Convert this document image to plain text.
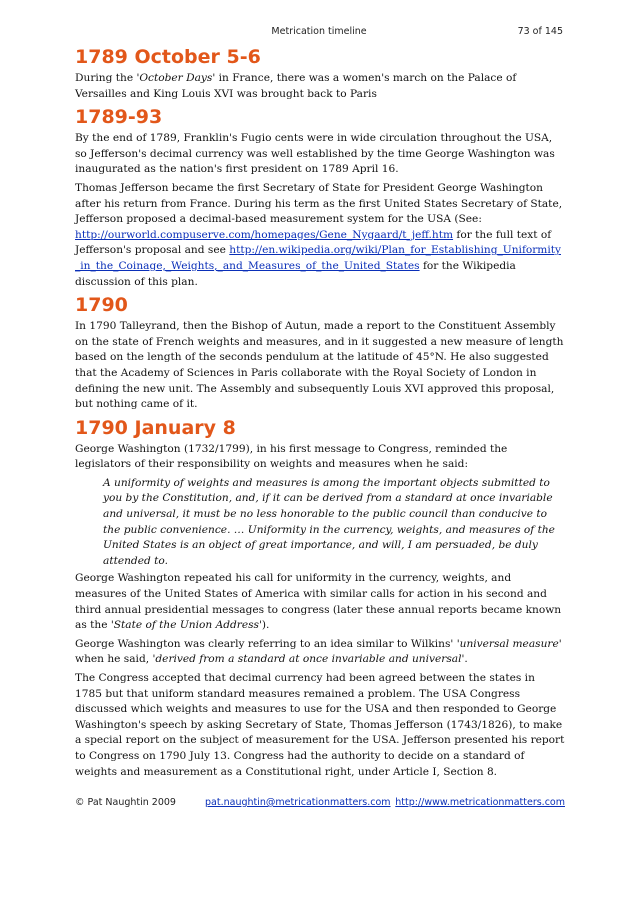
Metrication timeline	73 of 145
1789 October 5-6

During the 'October Days' in France, there was a women's march on the Palace of Versailles and King Louis XVI was brought back to Paris

1789-93

By the end of 1789, Franklin's Fugio cents were in wide circulation throughout the USA, so Jefferson's decimal currency was well established by the time George Washington was inaugurated as the nation's first president on 1789 April 16.

Thomas Jefferson became the first Secretary of State for President George Washington after his return from France. During his term as the first United States Secretary of State, Jefferson proposed a decimal-based measurement system for the USA (See: http://ourworld.compuserve.com/homepages/Gene_Nygaard/t_jeff.htm for the full text of Jefferson's proposal and see http://en.wikipedia.org/wiki/Plan_for_Establishing_Uniformity_in_the_Coinage,_Weights,_and_Measures_of_the_United_States for the Wikipedia discussion of this plan.

1790

In 1790 Talleyrand, then the Bishop of Autun, made a report to the Constituent Assembly on the state of French weights and measures, and in it suggested a new measure of length based on the length of the seconds pendulum at the latitude of 45°N. He also suggested that the Academy of Sciences in Paris collaborate with the Royal Society of London in defining the new unit. The Assembly and subsequently Louis XVI approved this proposal, but nothing came of it.

1790 January 8

George Washington (1732/1799), in his first message to Congress, reminded the legislators of their responsibility on weights and measures when he said:

A uniformity of weights and measures is among the important objects submitted to you by the Constitution, and, if it can be derived from a standard at once invariable and universal, it must be no less honorable to the public council than conducive to the public convenience. … Uniformity in the currency, weights, and measures of the United States is an object of great importance, and will, I am persuaded, be duly attended to.

George Washington repeated his call for uniformity in the currency, weights, and measures of the United States of America with similar calls for action in his second and third annual presidential messages to congress (later these annual reports became known as the 'State of the Union Address').

George Washington was clearly referring to an idea similar to Wilkins' 'universal measure' when he said, 'derived from a standard at once invariable and universal'.

The Congress accepted that decimal currency had been agreed between the states in 1785 but that uniform standard measures remained a problem. The USA Congress discussed which weights and measures to use for the USA and then responded to George Washington's speech by asking Secretary of State, Thomas Jefferson (1743/1826), to make a special report on the subject of measurement for the USA. Jefferson presented his report to Congress on 1790 July 13. Congress had the authority to decide on a standard of weights and measurement as a Constitutional right, under Article I, Section 8.

© Pat Naughtin 2009	pat.naughtin@metricationmatters.com http://www.metricationmatters.com
